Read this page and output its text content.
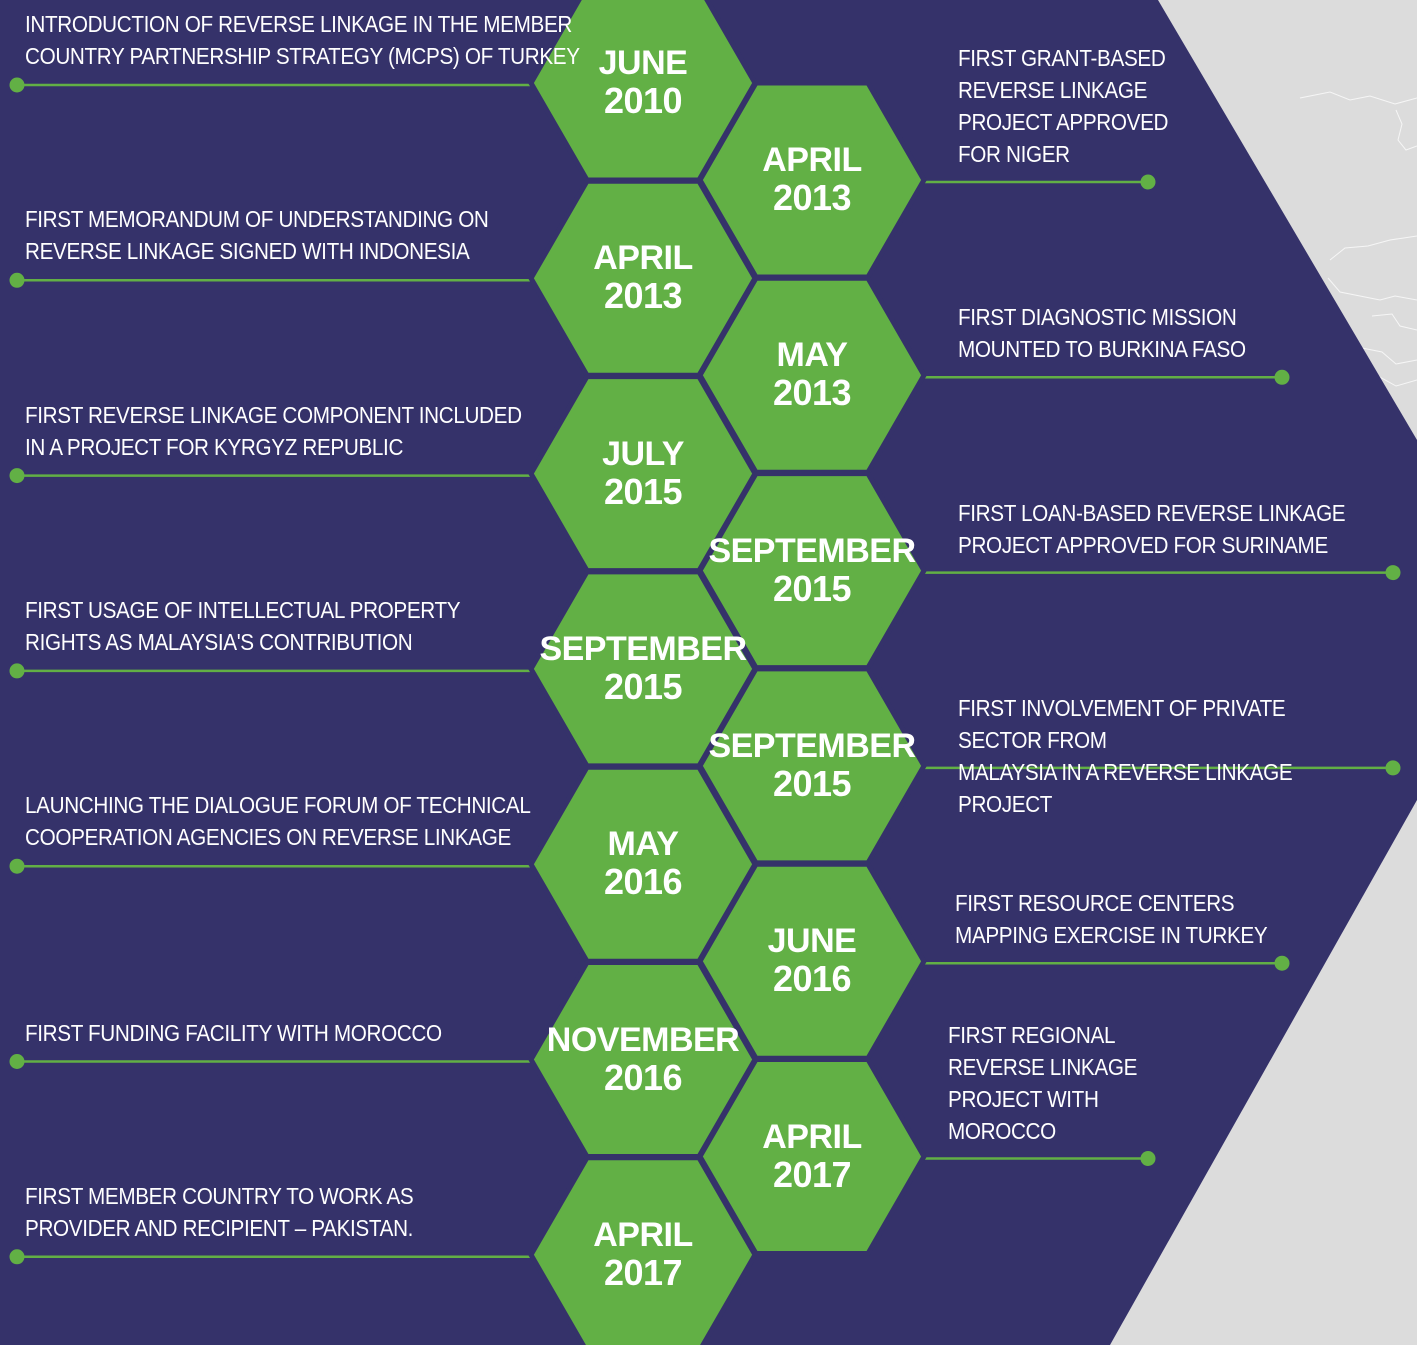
INTRODUCTION OF REVERSE LINKAGE IN THE MEMBER
COUNTRY PARTNERSHIP STRATEGY (MCPS) OF TURKEY
FIRST MEMORANDUM OF UNDERSTANDING ON
REVERSE LINKAGE SIGNED WITH INDONESIA
FIRST REVERSE LINKAGE COMPONENT INCLUDED
IN A PROJECT FOR KYRGYZ REPUBLIC
FIRST USAGE OF INTELLECTUAL PROPERTY
RIGHTS AS MALAYSIA'S CONTRIBUTION
LAUNCHING THE DIALOGUE FORUM OF TECHNICAL
COOPERATION AGENCIES ON REVERSE LINKAGE
FIRST FUNDING FACILITY WITH MOROCCO
FIRST MEMBER COUNTRY TO WORK AS
PROVIDER AND RECIPIENT – PAKISTAN.
FIRST GRANT-BASED
REVERSE LINKAGE
PROJECT APPROVED
FOR NIGER
FIRST DIAGNOSTIC MISSION
MOUNTED TO BURKINA FASO
FIRST LOAN-BASED REVERSE LINKAGE
PROJECT APPROVED FOR SURINAME
FIRST INVOLVEMENT OF PRIVATE SECTOR FROM
MALAYSIA IN A REVERSE LINKAGE PROJECT
FIRST RESOURCE CENTERS
MAPPING EXERCISE IN TURKEY
FIRST REGIONAL
REVERSE LINKAGE
PROJECT WITH
MOROCCO
JUNE
2010
APRIL
2013
JULY
2015
SEPTEMBER
2015
MAY
2016
NOVEMBER
2016
APRIL
2017
APRIL
2013
MAY
2013
SEPTEMBER
2015
SEPTEMBER
2015
JUNE
2016
APRIL
2017
